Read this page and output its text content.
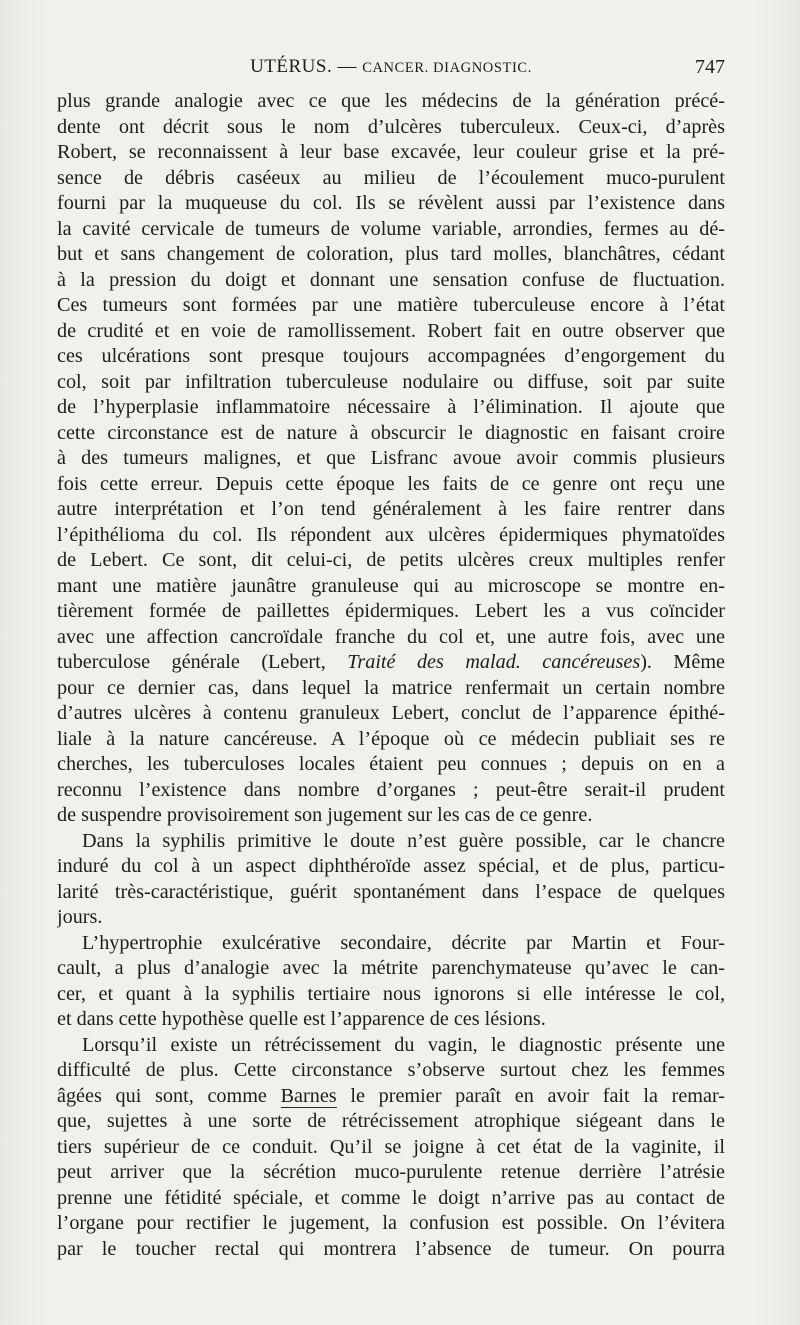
UTÉRUS. — CANCER. DIAGNOSTIC.	747
plus grande analogie avec ce que les médecins de la génération précé-
dente ont décrit sous le nom d’ulcères tuberculeux. Ceux-ci, d’après
Robert, se reconnaissent à leur base excavée, leur couleur grise et la pré-
sence de débris caséeux au milieu de l’écoulement muco-purulent
fourni par la muqueuse du col. Ils se révèlent aussi par l’existence dans
la cavité cervicale de tumeurs de volume variable, arrondies, fermes au dé-
but et sans changement de coloration, plus tard molles, blanchâtres, cédant
à la pression du doigt et donnant une sensation confuse de fluctuation.
Ces tumeurs sont formées par une matière tuberculeuse encore à l’état
de crudité et en voie de ramollissement. Robert fait en outre observer que
ces ulcérations sont presque toujours accompagnées d’engorgement du
col, soit par infiltration tuberculeuse nodulaire ou diffuse, soit par suite
de l’hyperplasie inflammatoire nécessaire à l’élimination. Il ajoute que
cette circonstance est de nature à obscurcir le diagnostic en faisant croire
à des tumeurs malignes, et que Lisfranc avoue avoir commis plusieurs
fois cette erreur. Depuis cette époque les faits de ce genre ont reçu une
autre interprétation et l’on tend généralement à les faire rentrer dans
l’épithélioma du col. Ils répondent aux ulcères épidermiques phymatoïdes
de Lebert. Ce sont, dit celui-ci, de petits ulcères creux multiples renfer
mant une matière jaunâtre granuleuse qui au microscope se montre en-
tièrement formée de paillettes épidermiques. Lebert les a vus coïncider
avec une affection cancroïdale franche du col et, une autre fois, avec une
tuberculose générale (Lebert, Traité des malad. cancéreuses). Même
pour ce dernier cas, dans lequel la matrice renfermait un certain nombre
d’autres ulcères à contenu granuleux Lebert, conclut de l’apparence épithé-
liale à la nature cancéreuse. A l’époque où ce médecin publiait ses re
cherches, les tuberculoses locales étaient peu connues ; depuis on en a
reconnu l’existence dans nombre d’organes ; peut-être serait-il prudent
de suspendre provisoirement son jugement sur les cas de ce genre.
Dans la syphilis primitive le doute n’est guère possible, car le chancre
induré du col à un aspect diphthéroïde assez spécial, et de plus, particu-
larité très-caractéristique, guérit spontanément dans l’espace de quelques
jours.
L’hypertrophie exulcérative secondaire, décrite par Martin et Four-
cault, a plus d’analogie avec la métrite parenchymateuse qu’avec le can-
cer, et quant à la syphilis tertiaire nous ignorons si elle intéresse le col,
et dans cette hypothèse quelle est l’apparence de ces lésions.
Lorsqu’il existe un rétrécissement du vagin, le diagnostic présente une
difficulté de plus. Cette circonstance s’observe surtout chez les femmes
âgées qui sont, comme Barnes le premier paraît en avoir fait la remar-
que, sujettes à une sorte de rétrécissement atrophique siégeant dans le
tiers supérieur de ce conduit. Qu’il se joigne à cet état de la vaginite, il
peut arriver que la sécrétion muco-purulente retenue derrière l’atrésie
prenne une fétidité spéciale, et comme le doigt n’arrive pas au contact de
l’organe pour rectifier le jugement, la confusion est possible. On l’évitera
par le toucher rectal qui montrera l’absence de tumeur. On pourra
